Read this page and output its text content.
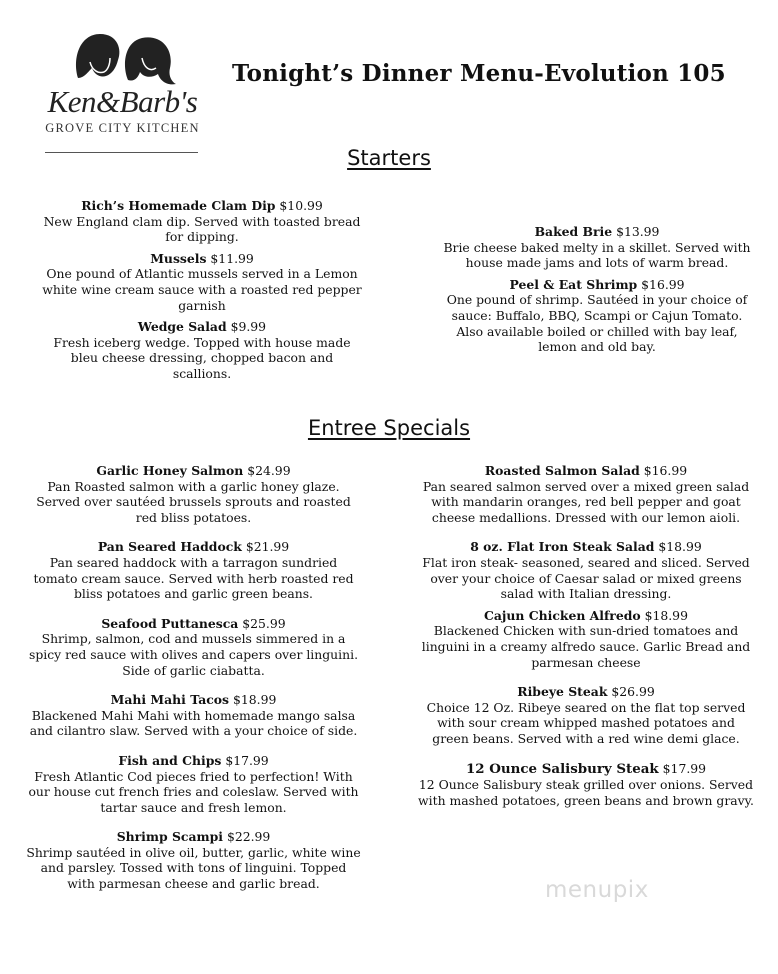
Ken&Barb's
GROVE CITY KITCHEN
Tonight’s Dinner Menu-Evolution 105
Starters
Rich’s Homemade Clam Dip $10.99
New England clam dip. Served with toasted bread for dipping.
Mussels $11.99
One pound of Atlantic mussels served in a Lemon white wine cream sauce with a roasted red pepper garnish
Wedge Salad $9.99
Fresh iceberg wedge. Topped with house made bleu cheese dressing, chopped bacon and scallions.
Baked Brie $13.99
Brie cheese baked melty in a skillet. Served with house made jams and lots of warm bread.
Peel & Eat Shrimp $16.99
One pound of shrimp. Sautéed in your choice of sauce: Buffalo, BBQ, Scampi or Cajun Tomato. Also available boiled or chilled with bay leaf, lemon and old bay.
Entree Specials
Garlic Honey Salmon $24.99
Pan Roasted salmon with a garlic honey glaze. Served over sautéed brussels sprouts and roasted red bliss potatoes.
Pan Seared Haddock $21.99
Pan seared haddock with a tarragon sundried tomato cream sauce. Served with herb roasted red bliss potatoes and garlic green beans.
Seafood Puttanesca $25.99
Shrimp, salmon, cod and mussels simmered in a spicy red sauce with olives and capers over linguini. Side of garlic ciabatta.
Mahi Mahi Tacos $18.99
Blackened Mahi Mahi with homemade mango salsa and cilantro slaw. Served with a your choice of side.
Fish and Chips $17.99
Fresh Atlantic Cod pieces fried to perfection! With our house cut french fries and coleslaw. Served with tartar sauce and fresh lemon.
Shrimp Scampi $22.99
Shrimp sautéed in olive oil, butter, garlic, white wine and parsley. Tossed with tons of linguini. Topped with parmesan cheese and garlic bread.
Roasted Salmon Salad $16.99
Pan seared salmon served over a mixed green salad with mandarin oranges, red bell pepper and goat cheese medallions. Dressed with our lemon aioli.
8 oz. Flat Iron Steak Salad $18.99
Flat iron steak- seasoned, seared and sliced. Served over your choice of Caesar salad or mixed greens salad with Italian dressing.
Cajun Chicken Alfredo $18.99
Blackened Chicken with sun-dried tomatoes and linguini in a creamy alfredo sauce. Garlic Bread and parmesan cheese
Ribeye Steak $26.99
Choice 12 Oz. Ribeye seared on the flat top served with sour cream whipped mashed potatoes and green beans. Served with a red wine demi glace.
12 Ounce Salisbury Steak $17.99
12 Ounce Salisbury steak grilled over onions. Served with mashed potatoes, green beans and brown gravy.
menupix
